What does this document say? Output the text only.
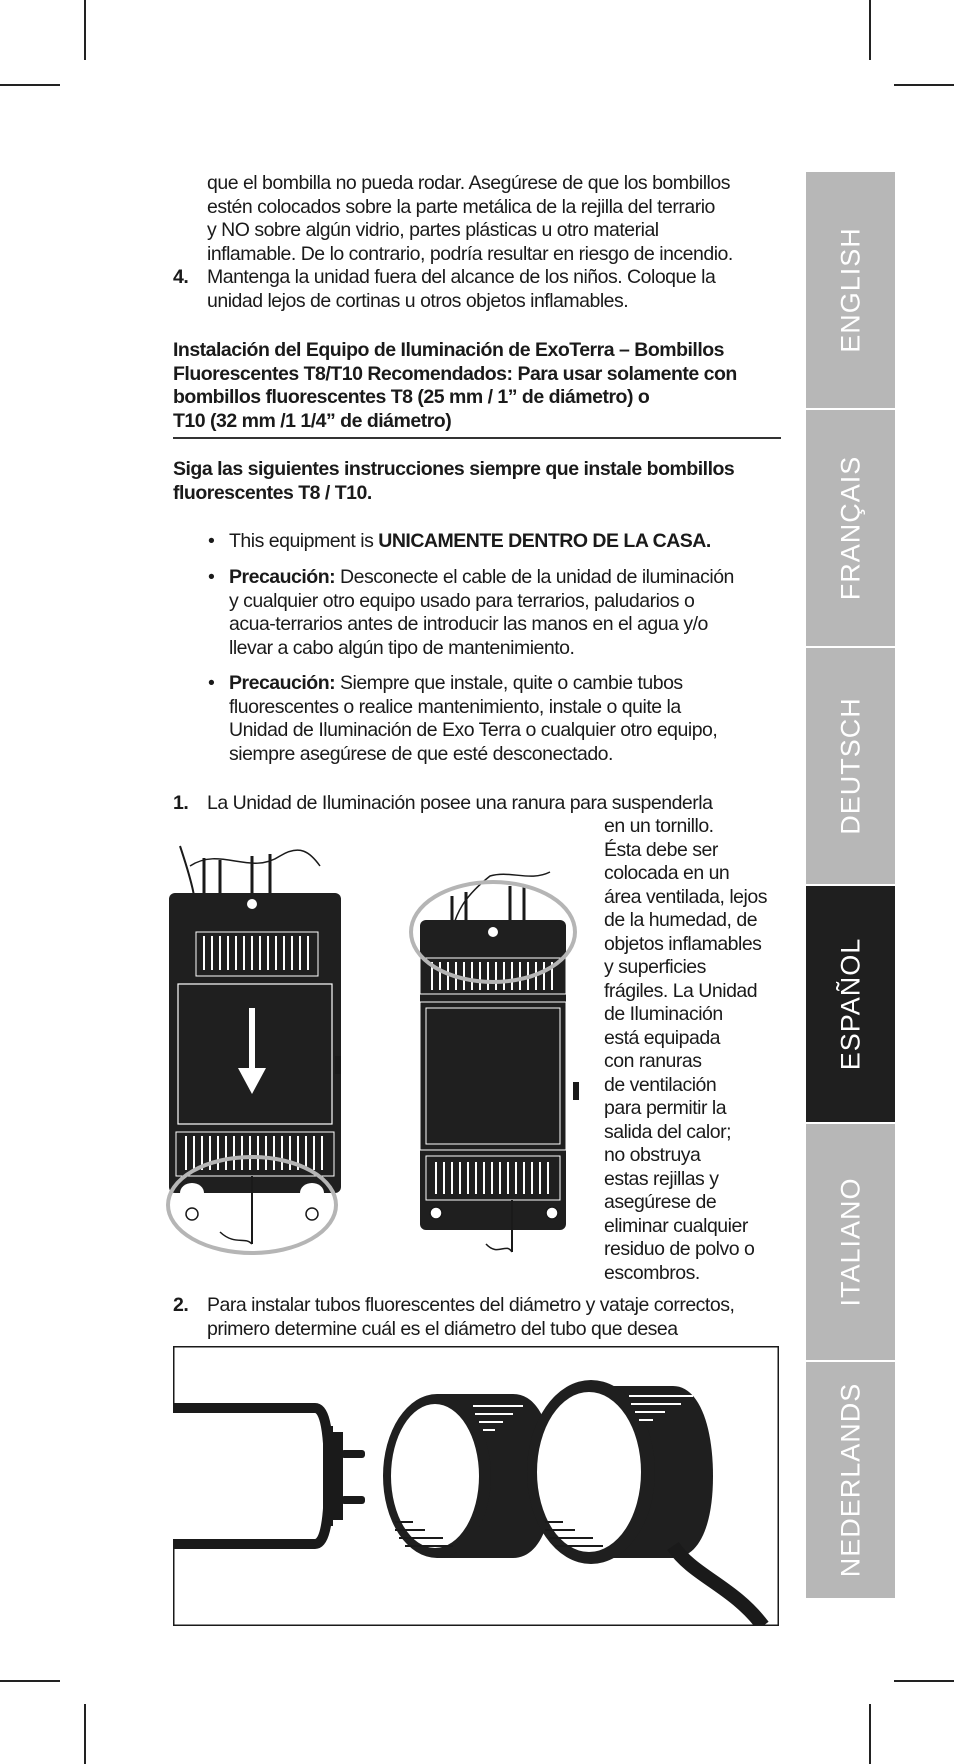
ENGLISH
FRANÇAIS
DEUTSCH
ESPAÑOL
ITALIANO
NEDERLANDS
que el bombilla no pueda rodar. Asegúrese de que los bombillos
estén colocados sobre la parte metálica de la rejilla del terrario
y NO sobre algún vidrio, partes plásticas u otro material
inflamable. De lo contrario, podría resultar en riesgo de incendio.
4. Mantenga la unidad fuera del alcance de los niños. Coloque la
unidad lejos de cortinas u otros objetos inflamables.
Instalación del Equipo de Iluminación de ExoTerra – Bombillos
Fluorescentes T8/T10 Recomendados: Para usar solamente con
bombillos fluorescentes T8 (25 mm / 1” de diámetro) o
T10 (32 mm /1 1/4” de diámetro)
Siga las siguientes instrucciones siempre que instale bombillos
fluorescentes T8 / T10.
• This equipment is UNICAMENTE DENTRO DE LA CASA.
• Precaución: Desconecte el cable de la unidad de iluminación
y cualquier otro equipo usado para terrarios, paludarios o
acua-terrarios antes de introducir las manos en el agua y/o
llevar a cabo algún tipo de mantenimiento.
• Precaución: Siempre que instale, quite o cambie tubos
fluorescentes o realice mantenimiento, instale o quite la
Unidad de Iluminación de Exo Terra o cualquier otro equipo,
siempre asegúrese de que esté desconectado.
1. La Unidad de Iluminación posee una ranura para suspenderla
en un tornillo.
Ésta debe ser
colocada en un
área ventilada, lejos
de la humedad, de
objetos inflamables
y superficies
frágiles. La Unidad
de Iluminación
está equipada
con ranuras
de ventilación
para permitir la
salida del calor;
no obstruya
estas rejillas y
asegúrese de
eliminar cualquier
residuo de polvo o
escombros.
2. Para instalar tubos fluorescentes del diámetro y vataje correctos,
primero determine cuál es el diámetro del tubo que desea
